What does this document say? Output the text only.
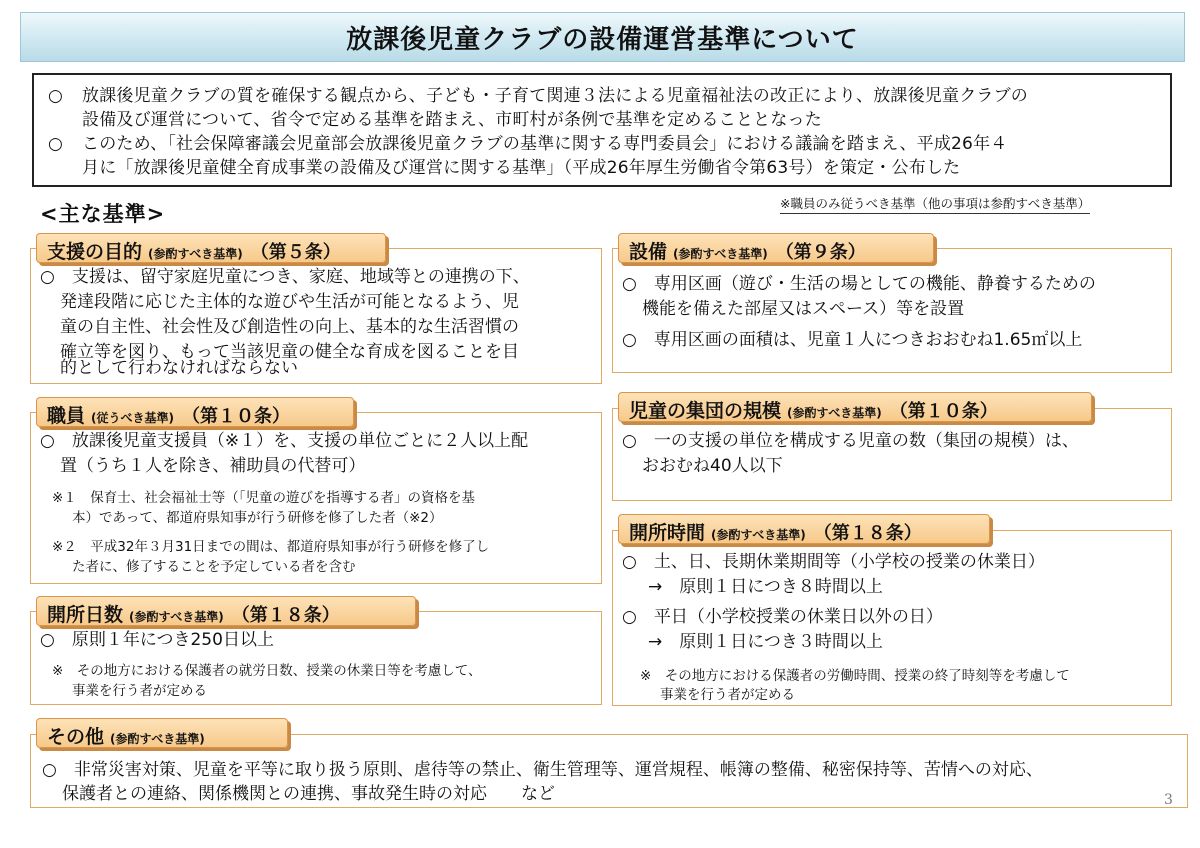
放課後児童クラブの設備運営基準について
○ 放課後児童クラブの質を確保する観点から、子ども・子育て関連３法による児童福祉法の改正により、放課後児童クラブの
設備及び運営について、省令で定める基準を踏まえ、市町村が条例で基準を定めることとなった
○ このため、「社会保障審議会児童部会放課後児童クラブの基準に関する専門委員会」における議論を踏まえ、平成26年４
月に「放課後児童健全育成事業の設備及び運営に関する基準」（平成26年厚生労働省令第63号）を策定・公布した
<主な基準>	※職員のみ従うべき基準（他の事項は参酌すべき基準）
支援の目的 (参酌すべき基準) （第５条）
○　支援は、留守家庭児童につき、家庭、地域等との連携の下、
発達段階に応じた主体的な遊びや生活が可能となるよう、児
童の自主性、社会性及び創造性の向上、基本的な生活習慣の
確立等を図り、もって当該児童の健全な育成を図ることを目
的として行わなければならない
職員 (従うべき基準) （第１０条）
○　放課後児童支援員（※１）を、支援の単位ごとに２人以上配
置（うち１人を除き、補助員の代替可）
※１　保育士、社会福祉士等（「児童の遊びを指導する者」の資格を基
本）であって、都道府県知事が行う研修を修了した者（※2）
※２　平成32年３月31日までの間は、都道府県知事が行う研修を修了し
た者に、修了することを予定している者を含む
開所日数 (参酌すべき基準) （第１８条）
○　原則１年につき250日以上
※　その地方における保護者の就労日数、授業の休業日等を考慮して、
事業を行う者が定める
設備 (参酌すべき基準) （第９条）
○　専用区画（遊び・生活の場としての機能、静養するための
機能を備えた部屋又はスペース）等を設置
○　専用区画の面積は、児童１人につきおおむね1.65㎡以上
児童の集団の規模 (参酌すべき基準) （第１０条）
○　一の支援の単位を構成する児童の数（集団の規模）は、
おおむね40人以下
開所時間 (参酌すべき基準) （第１８条）
○　土、日、長期休業期間等（小学校の授業の休業日）
→　原則１日につき８時間以上
○　平日（小学校授業の休業日以外の日）
→　原則１日につき３時間以上
※　その地方における保護者の労働時間、授業の終了時刻等を考慮して
事業を行う者が定める
その他 (参酌すべき基準)
○　非常災害対策、児童を平等に取り扱う原則、虐待等の禁止、衛生管理等、運営規程、帳簿の整備、秘密保持等、苦情への対応、
保護者との連絡、関係機関との連携、事故発生時の対応　　など	3
